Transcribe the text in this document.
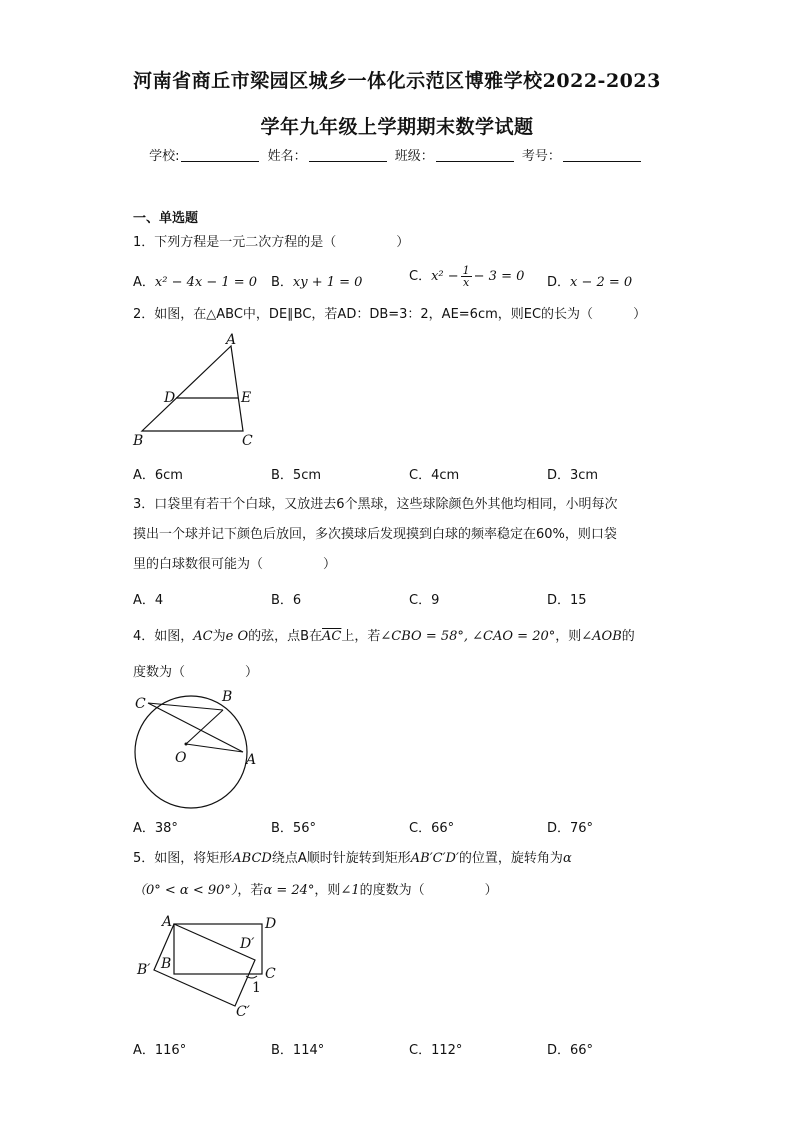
河南省商丘市梁园区城乡一体化示范区博雅学校2022-2023
学年九年级上学期期末数学试题
学校:	姓名：	班级：	考号：
一、单选题
1．下列方程是一元二次方程的是（	）
A．x² − 4x − 1 = 0 B．xy + 1 = 0	C．$x^2 - \frac{1}{x} - 3 = 0$ D．x − 2 = 0
2．如图，在△ABC中，DE∥BC，若AD：DB=3：2，AE=6cm，则EC的长为（	）
A
B	C
D	E
A．6cm	B．5cm	C．4cm	D．3cm
3．口袋里有若干个白球，又放进去6个黑球，这些球除颜色外其他均相同，小明每次
摸出一个球并记下颜色后放回，多次摸球后发现摸到白球的频率稳定在60%，则口袋
里的白球数很可能为（	）
A．4	B．6	C．9	D．15
4．如图，AC为e O的弦，点B在$\overline{AC}$上，若∠CBO = 58°, ∠CAO = 20°，则∠AOB的
度数为（	）
C	B
O	A
A．38°	B．56°	C．66°	D．76°
5．如图，将矩形ABCD绕点A顺时针旋转到矩形AB′C′D′的位置，旋转角为α
（0° < α < 90°），若α = 24°，则∠1的度数为（	）
A	D
D′
B
C
B′
1
C′
A．116°	B．114°	C．112°	D．66°
